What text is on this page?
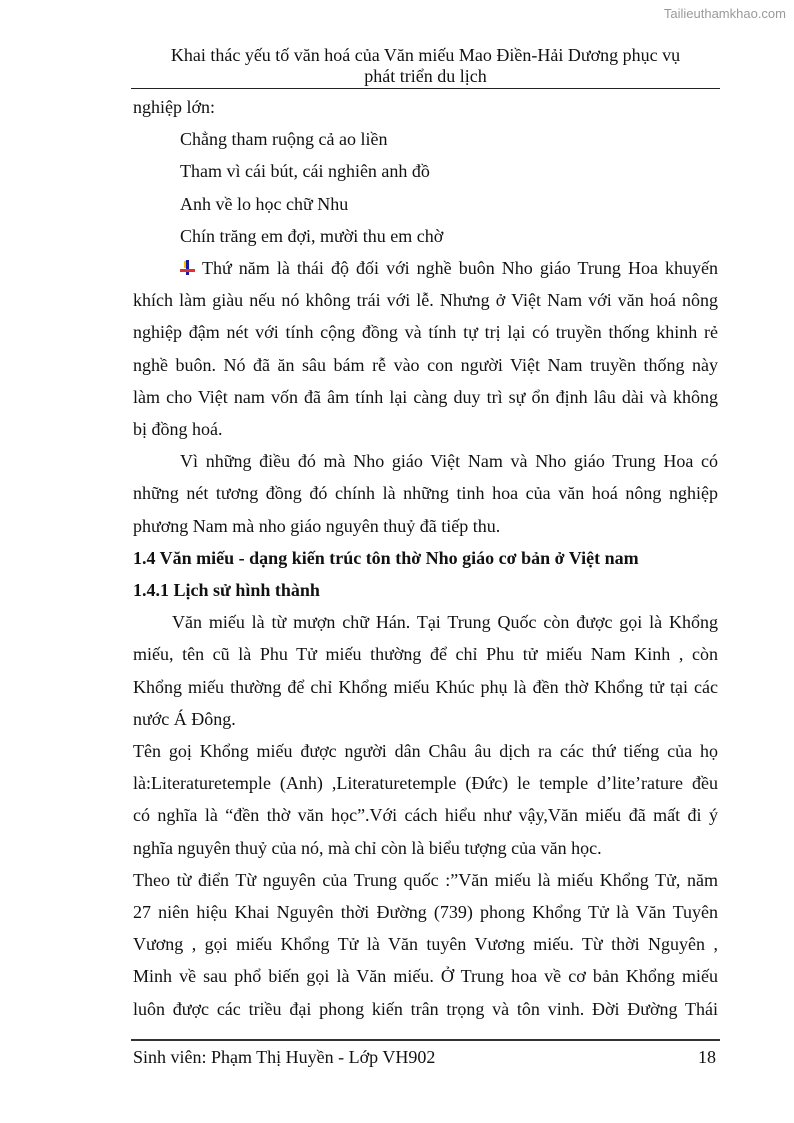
Tailieuthamkhao.com
Khai thác yếu tố văn hoá của Văn miếu Mao Điền-Hải Dương phục vụ
phát triển du lịch
nghiệp lớn:
Chẳng tham ruộng cả ao liền
Tham vì cái bút, cái nghiên anh đồ
Anh về lo học chữ Nhu
Chín trăng em đợi, mười thu em chờ
Thứ năm là thái độ đối với nghề buôn Nho giáo Trung Hoa khuyến
khích làm giàu nếu nó không trái với lễ. Nhưng ở Việt Nam với văn hoá nông
nghiệp đậm nét với tính cộng đồng và tính tự trị lại có truyền thống khinh rẻ
nghề buôn. Nó đã ăn sâu bám rễ vào con người Việt Nam truyền thống này
làm cho Việt nam vốn đã âm tính lại càng duy trì sự ổn định lâu dài và không
bị đồng hoá.
Vì những điều đó mà Nho giáo Việt Nam và Nho giáo Trung Hoa có
những nét tương đồng đó chính là những tinh hoa của văn hoá nông nghiệp
phương Nam mà nho giáo nguyên thuỷ đã tiếp thu.
1.4 Văn miếu - dạng kiến trúc tôn thờ Nho giáo cơ bản ở Việt nam
1.4.1 Lịch sử hình thành
Văn miếu là từ mượn chữ Hán. Tại Trung Quốc còn được gọi là Khổng
miếu, tên cũ là Phu Tử miếu thường để chỉ Phu tử miếu Nam Kinh , còn
Khổng miếu thường để chỉ Khổng miếu Khúc phụ là đền thờ Khổng tử tại các
nước Á Đông.
Tên goị Khổng miếu được người dân Châu âu dịch ra các thứ tiếng của họ
là:Literaturetemple (Anh) ,Literaturetemple (Đức) le temple d’lite’rature đều
có nghĩa là “đền thờ văn học”.Với cách hiểu như vậy,Văn miếu đã mất đi ý
nghĩa nguyên thuỷ của nó, mà chỉ còn là biểu tượng của văn học.
Theo từ điển Từ nguyên của Trung quốc :”Văn miếu là miếu Khổng Tử, năm
27 niên hiệu Khai Nguyên thời Đường (739) phong Khổng Tử là Văn Tuyên
Vương , gọi miếu Khổng Tử là Văn tuyên Vương miếu. Từ thời Nguyên ,
Minh về sau phổ biến gọi là Văn miếu. Ở Trung hoa về cơ bản Khổng miếu
luôn được các triều đại phong kiến trân trọng và tôn vinh. Đời Đường Thái
Sinh viên: Phạm Thị Huyền - Lớp VH902	18
